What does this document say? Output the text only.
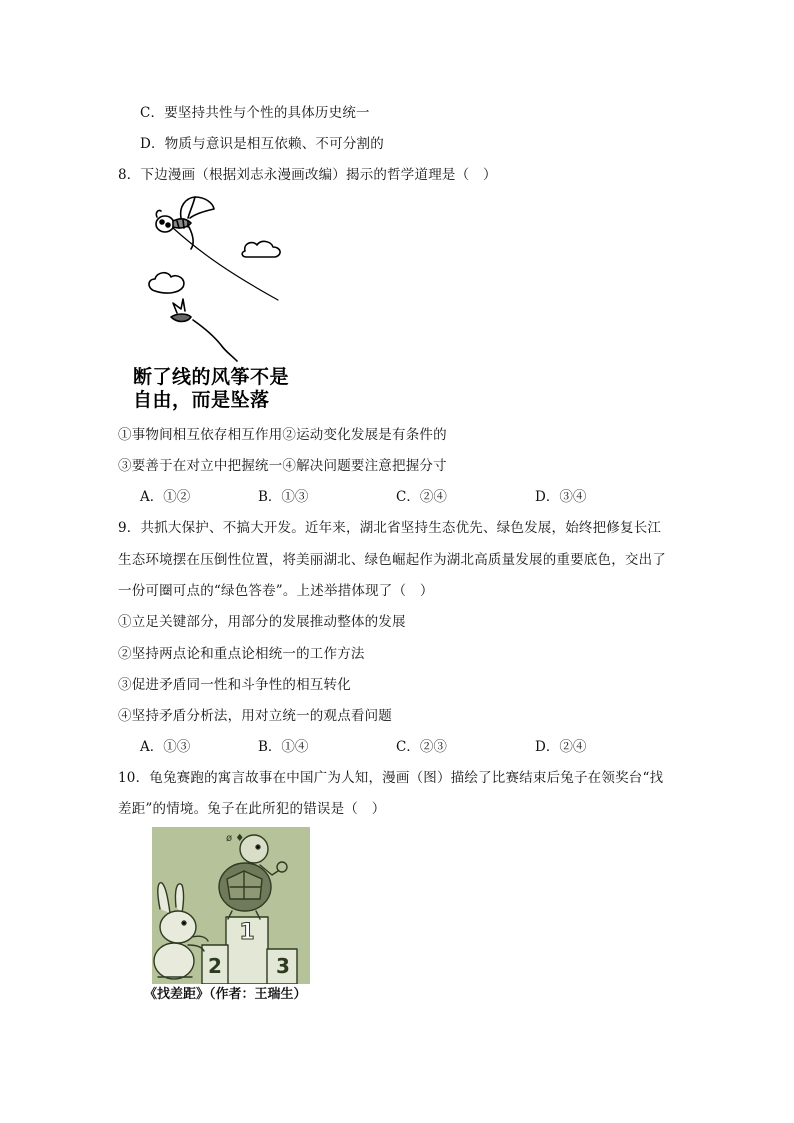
C．要坚持共性与个性的具体历史统一
D．物质与意识是相互依赖、不可分割的
8．下边漫画（根据刘志永漫画改编）揭示的哲学道理是（　）
断了线的风筝不是
自由，而是坠落
①事物间相互依存相互作用②运动变化发展是有条件的
③要善于在对立中把握统一④解决问题要注意把握分寸
A．①②	B．①③	C．②④	D．③④
9．共抓大保护、不搞大开发。近年来，湖北省坚持生态优先、绿色发展，始终把修复长江
生态环境摆在压倒性位置，将美丽湖北、绿色崛起作为湖北高质量发展的重要底色，交出了
一份可圈可点的“绿色答卷”。上述举措体现了（　）
①立足关键部分，用部分的发展推动整体的发展
②坚持两点论和重点论相统一的工作方法
③促进矛盾同一性和斗争性的相互转化
④坚持矛盾分析法，用对立统一的观点看问题
A．①③	B．①④	C．②③	D．②④
10．龟兔赛跑的寓言故事在中国广为人知，漫画（图）描绘了比赛结束后兔子在领奖台“找
差距”的情境。兔子在此所犯的错误是（　）
ø ♦
1
2	3
《找差距》（作者：王瑞生）
